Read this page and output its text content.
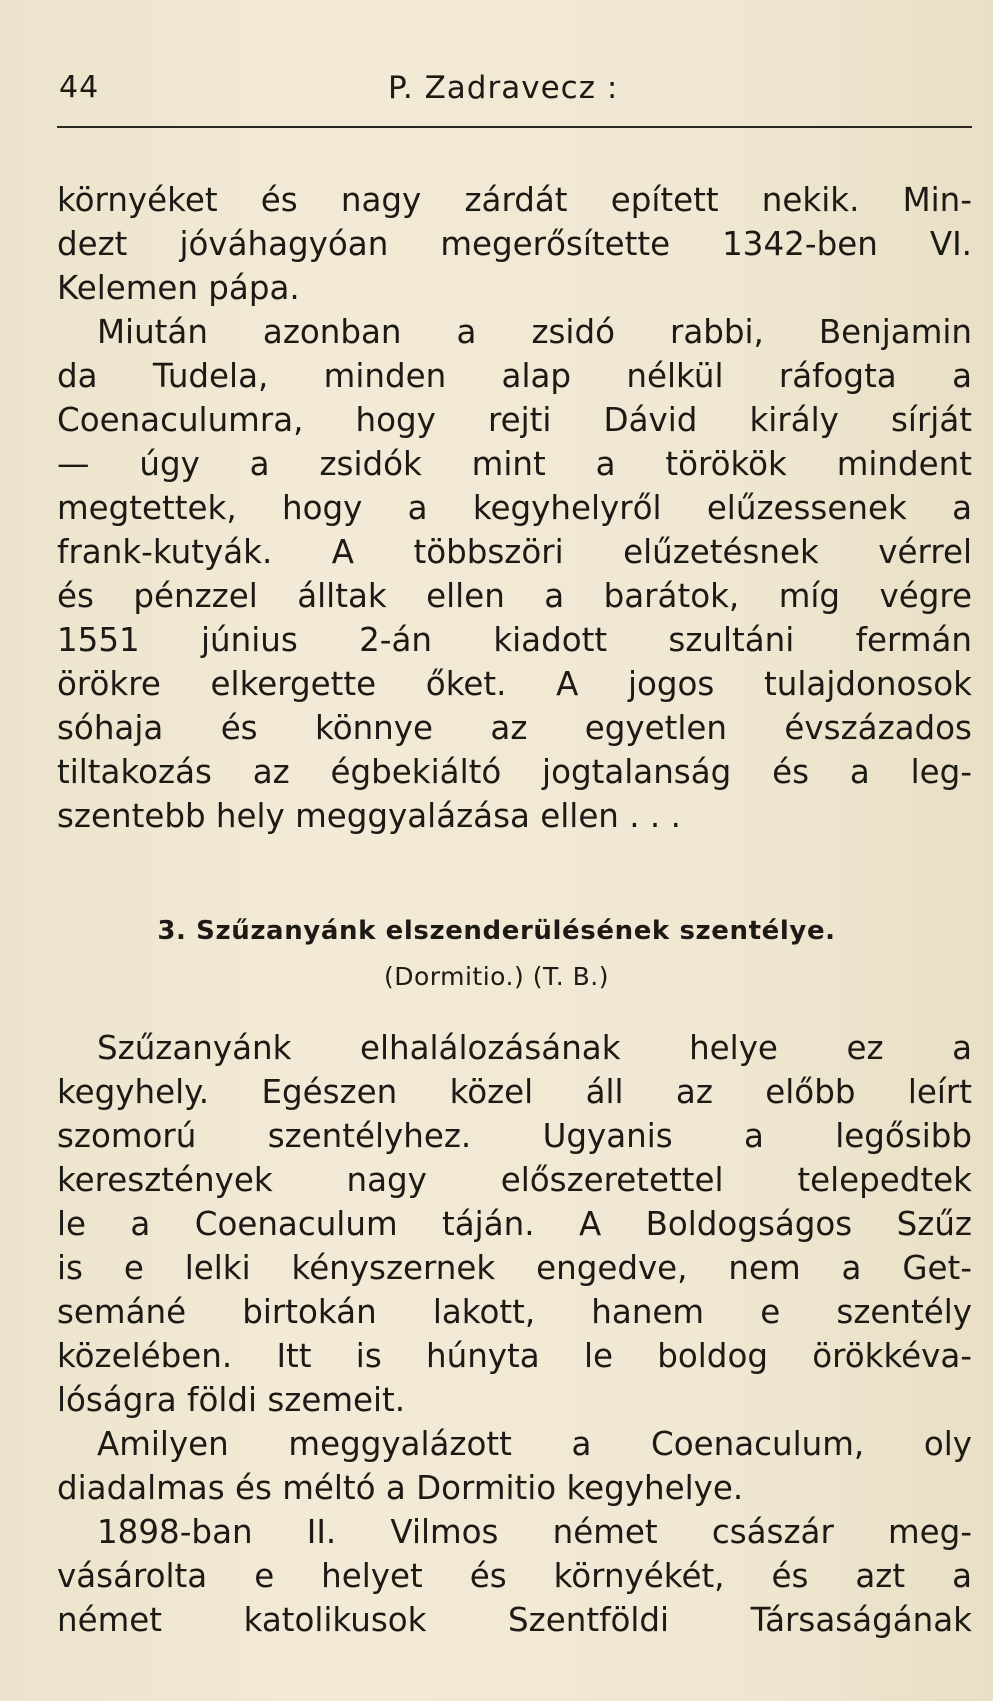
44	P. Zadravecz :

környéket és nagy zárdát epített nekik. Min-

dezt jóváhagyóan megerősítette 1342-ben VI.

Kelemen pápa.

Miután azonban a zsidó rabbi, Benjamin

da Tudela, minden alap nélkül ráfogta a

Coenaculumra, hogy rejti Dávid király sírját

— úgy a zsidók mint a törökök mindent

megtettek, hogy a kegyhelyről elűzessenek a

frank-kutyák. A többszöri elűzetésnek vérrel

és pénzzel álltak ellen a barátok, míg végre

1551 június 2-án kiadott szultáni fermán

örökre elkergette őket. A jogos tulajdonosok

sóhaja és könnye az egyetlen évszázados

tiltakozás az égbekiáltó jogtalanság és a leg-

szentebb hely meggyalázása ellen . . .

3. Szűzanyánk elszenderülésének szentélye.
(Dormitio.) (T. B.)

Szűzanyánk elhalálozásának helye ez a

kegyhely. Egészen közel áll az előbb leírt

szomorú szentélyhez. Ugyanis a legősibb

keresztények nagy előszeretettel telepedtek

le a Coenaculum táján. A Boldogságos Szűz

is e lelki kényszernek engedve, nem a Get-

semáné birtokán lakott, hanem e szentély

közelében. Itt is húnyta le boldog örökkéva-

lóságra földi szemeit.

Amilyen meggyalázott a Coenaculum, oly

diadalmas és méltó a Dormitio kegyhelye.

1898-ban II. Vilmos német császár meg-

vásárolta e helyet és környékét, és azt a

német katolikusok Szentföldi Társaságának
